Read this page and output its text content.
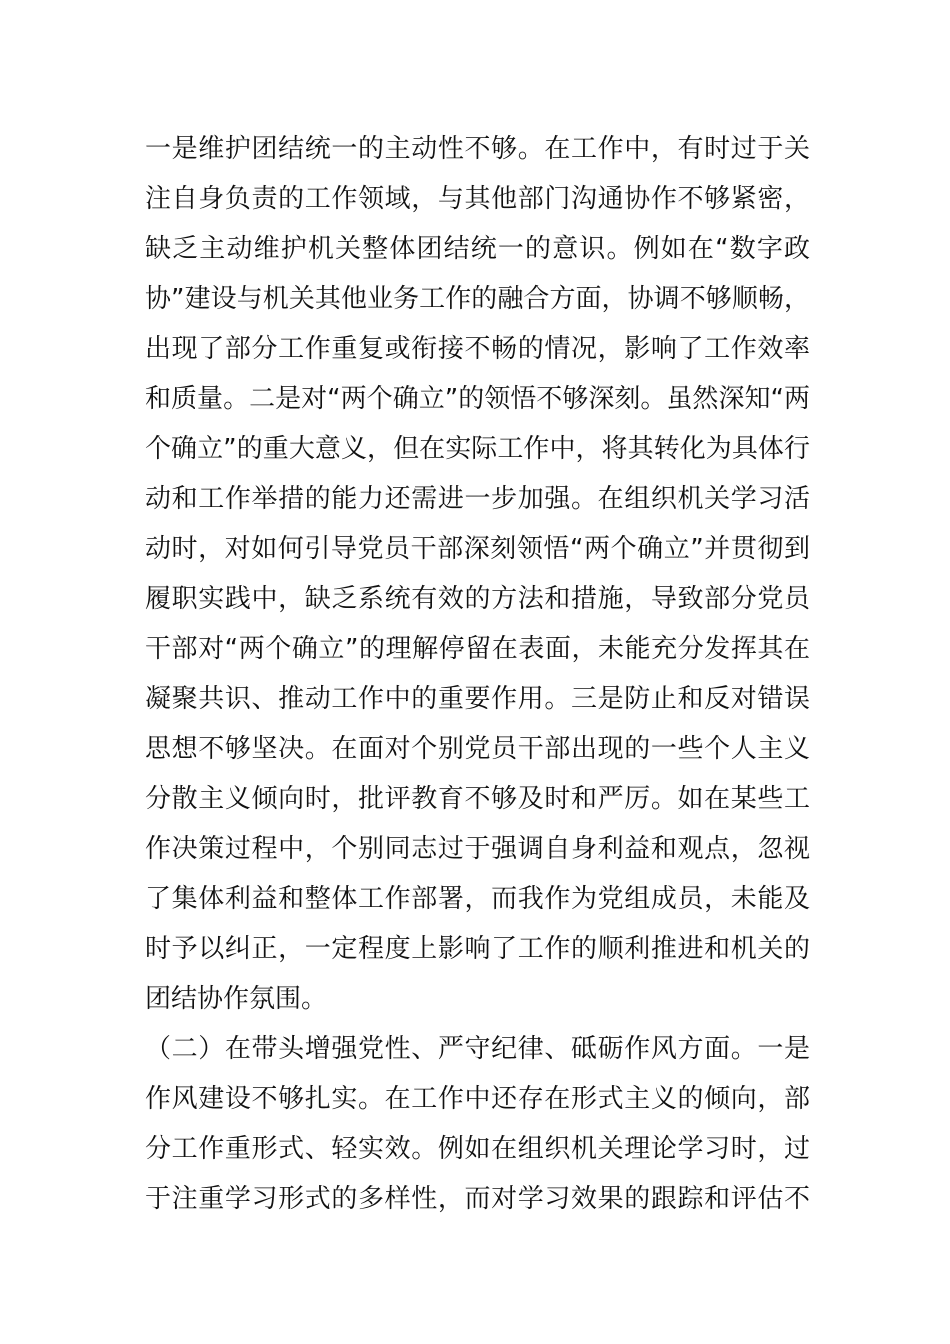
一是维护团结统一的主动性不够。在工作中，有时过于关
注自身负责的工作领域，与其他部门沟通协作不够紧密，
缺乏主动维护机关整体团结统一的意识。例如在“数字政
协”建设与机关其他业务工作的融合方面，协调不够顺畅，
出现了部分工作重复或衔接不畅的情况，影响了工作效率
和质量。二是对“两个确立”的领悟不够深刻。虽然深知“两
个确立”的重大意义，但在实际工作中，将其转化为具体行
动和工作举措的能力还需进一步加强。在组织机关学习活
动时，对如何引导党员干部深刻领悟“两个确立”并贯彻到
履职实践中，缺乏系统有效的方法和措施，导致部分党员
干部对“两个确立”的理解停留在表面，未能充分发挥其在
凝聚共识、推动工作中的重要作用。三是防止和反对错误
思想不够坚决。在面对个别党员干部出现的一些个人主义
分散主义倾向时，批评教育不够及时和严厉。如在某些工
作决策过程中，个别同志过于强调自身利益和观点，忽视
了集体利益和整体工作部署，而我作为党组成员，未能及
时予以纠正，一定程度上影响了工作的顺利推进和机关的
团结协作氛围。
（二）在带头增强党性、严守纪律、砥砺作风方面。一是
作风建设不够扎实。在工作中还存在形式主义的倾向，部
分工作重形式、轻实效。例如在组织机关理论学习时，过
于注重学习形式的多样性，而对学习效果的跟踪和评估不
